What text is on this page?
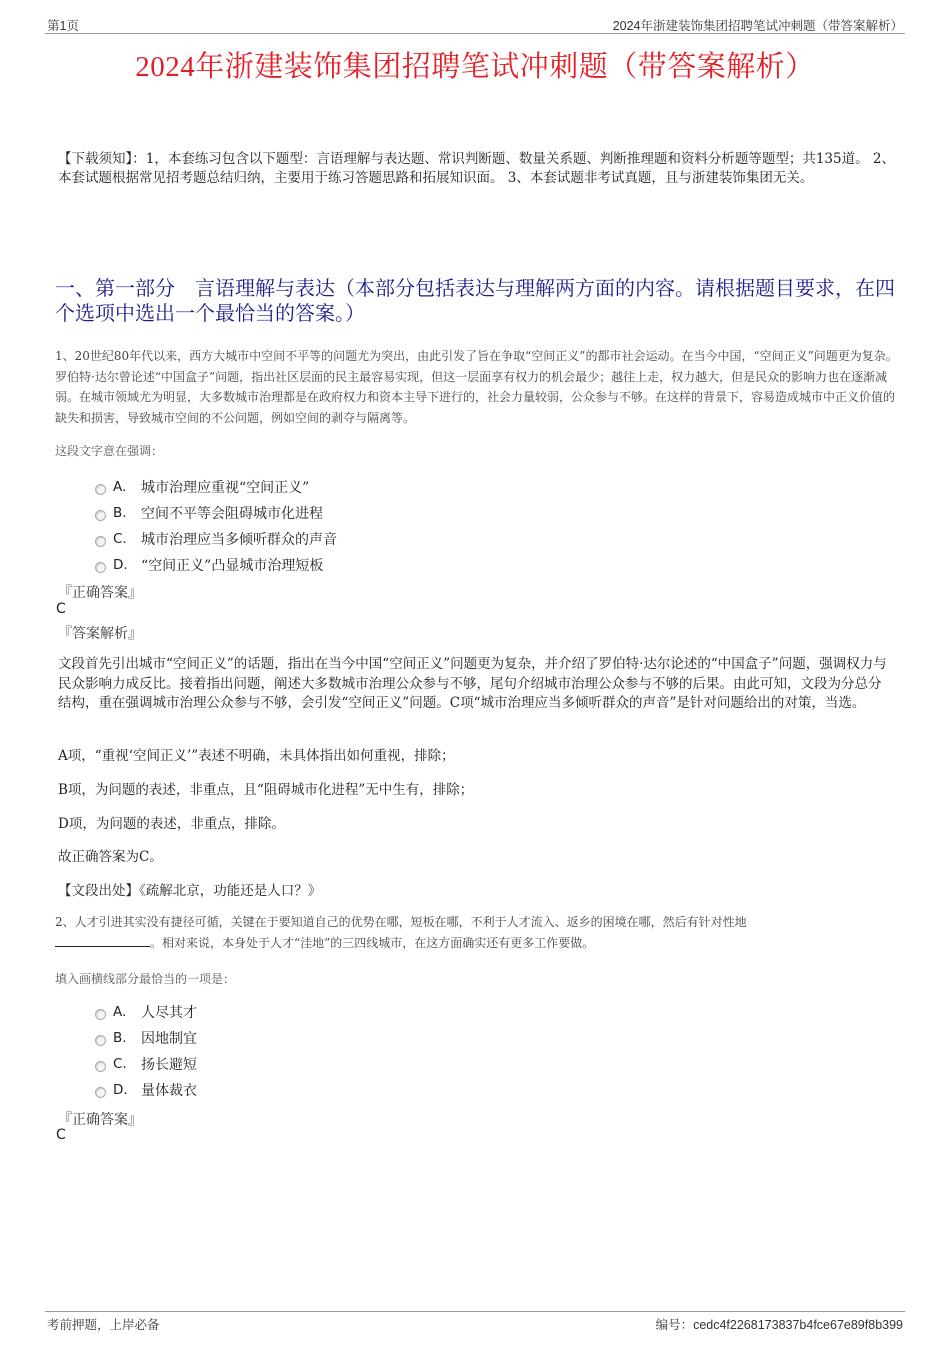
第1页	2024年浙建装饰集团招聘笔试冲刺题（带答案解析）
2024年浙建装饰集团招聘笔试冲刺题（带答案解析）
【下载须知】：1，本套练习包含以下题型：言语理解与表达题、常识判断题、数量关系题、判断推理题和资料分析题等题型；共135道。 2、本套试题根据常见招考题总结归纳，主要用于练习答题思路和拓展知识面。 3、本套试题非考试真题，且与浙建装饰集团无关。
一、第一部分　言语理解与表达（本部分包括表达与理解两方面的内容。请根据题目要求，在四个选项中选出一个最恰当的答案。）
1、20世纪80年代以来，西方大城市中空间不平等的问题尤为突出，由此引发了旨在争取“空间正义”的都市社会运动。在当今中国，“空间正义”问题更为复杂。罗伯特·达尔曾论述“中国盒子”问题，指出社区层面的民主最容易实现，但这一层面享有权力的机会最少；越往上走，权力越大，但是民众的影响力也在逐渐减弱。在城市领域尤为明显，大多数城市治理都是在政府权力和资本主导下进行的，社会力量较弱，公众参与不够。在这样的背景下，容易造成城市中正义价值的缺失和损害，导致城市空间的不公问题，例如空间的剥夺与隔离等。
这段文字意在强调：
A.	城市治理应重视“空间正义”
B.	空间不平等会阻碍城市化进程
C.	城市治理应当多倾听群众的声音
D. “空间正义”凸显城市治理短板
『正确答案』
C
『答案解析』
文段首先引出城市“空间正义”的话题，指出在当今中国“空间正义”问题更为复杂，并介绍了罗伯特·达尔论述的“中国盒子”问题，强调权力与民众影响力成反比。接着指出问题，阐述大多数城市治理公众参与不够，尾句介绍城市治理公众参与不够的后果。由此可知，文段为分总分结构，重在强调城市治理公众参与不够，会引发“空间正义”问题。C项“城市治理应当多倾听群众的声音”是针对问题给出的对策，当选。
A项，“重视‘空间正义’”表述不明确，未具体指出如何重视，排除；
B项，为问题的表述，非重点，且“阻碍城市化进程”无中生有，排除；
D项，为问题的表述，非重点，排除。
故正确答案为C。
【文段出处】《疏解北京，功能还是人口？》
2、人才引进其实没有捷径可循，关键在于要知道自己的优势在哪，短板在哪，不利于人才流入、返乡的困境在哪，然后有针对性地
。相对来说，本身处于人才“洼地”的三四线城市，在这方面确实还有更多工作要做。
填入画横线部分最恰当的一项是：
A.	人尽其才
B.	因地制宜
C.	扬长避短
D. 量体裁衣
『正确答案』
C
考前押题，上岸必备	编号：cedc4f2268173837b4fce67e89f8b399
